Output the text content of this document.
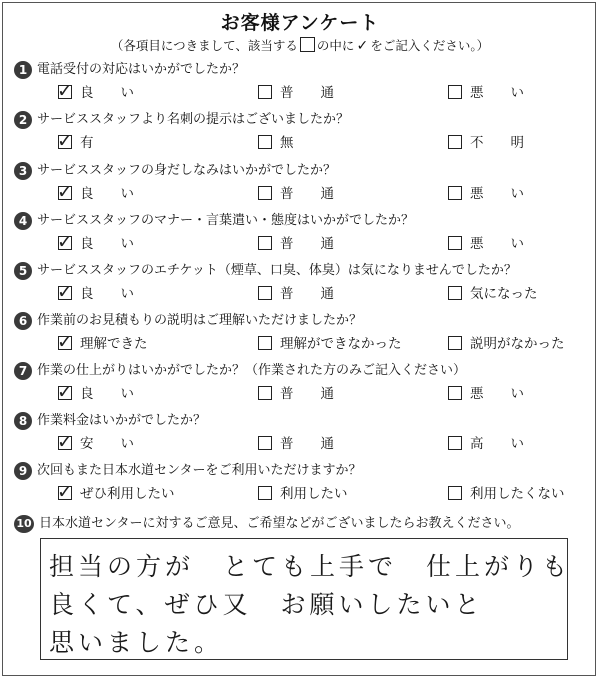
お客様アンケート
（各項目につきまして、該当する の中に ✓ をご記入ください。）
1 電話受付の対応はいかがでしたか？
✓ 良　　い	普　　通	悪　　い
2 サービススタッフより名刺の提示はございましたか？
✓ 有	無	不　　明
3 サービススタッフの身だしなみはいかがでしたか？
✓ 良　　い	普　　通	悪　　い
4 サービススタッフのマナー・言葉遣い・態度はいかがでしたか？
✓ 良　　い	普　　通	悪　　い
5 サービススタッフのエチケット（煙草、口臭、体臭）は気になりませんでしたか？
✓ 良　　い	普　　通	気になった
6 作業前のお見積もりの説明はご理解いただけましたか？
✓ 理解できた	理解ができなかった	説明がなかった
7 作業の仕上がりはいかがでしたか？（作業された方のみご記入ください）
✓ 良　　い	普　　通	悪　　い
8 作業料金はいかがでしたか？
✓ 安　　い	普　　通	高　　い
9 次回もまた日本水道センターをご利用いただけますか？
✓ ぜひ利用したい	利用したい	利用したくない
10 日本水道センターに対するご意見、ご希望などがございましたらお教えください。
担当の方が　とても上手で　仕上がりも
良くて、ぜひ又　お願いしたいと
思いました。
